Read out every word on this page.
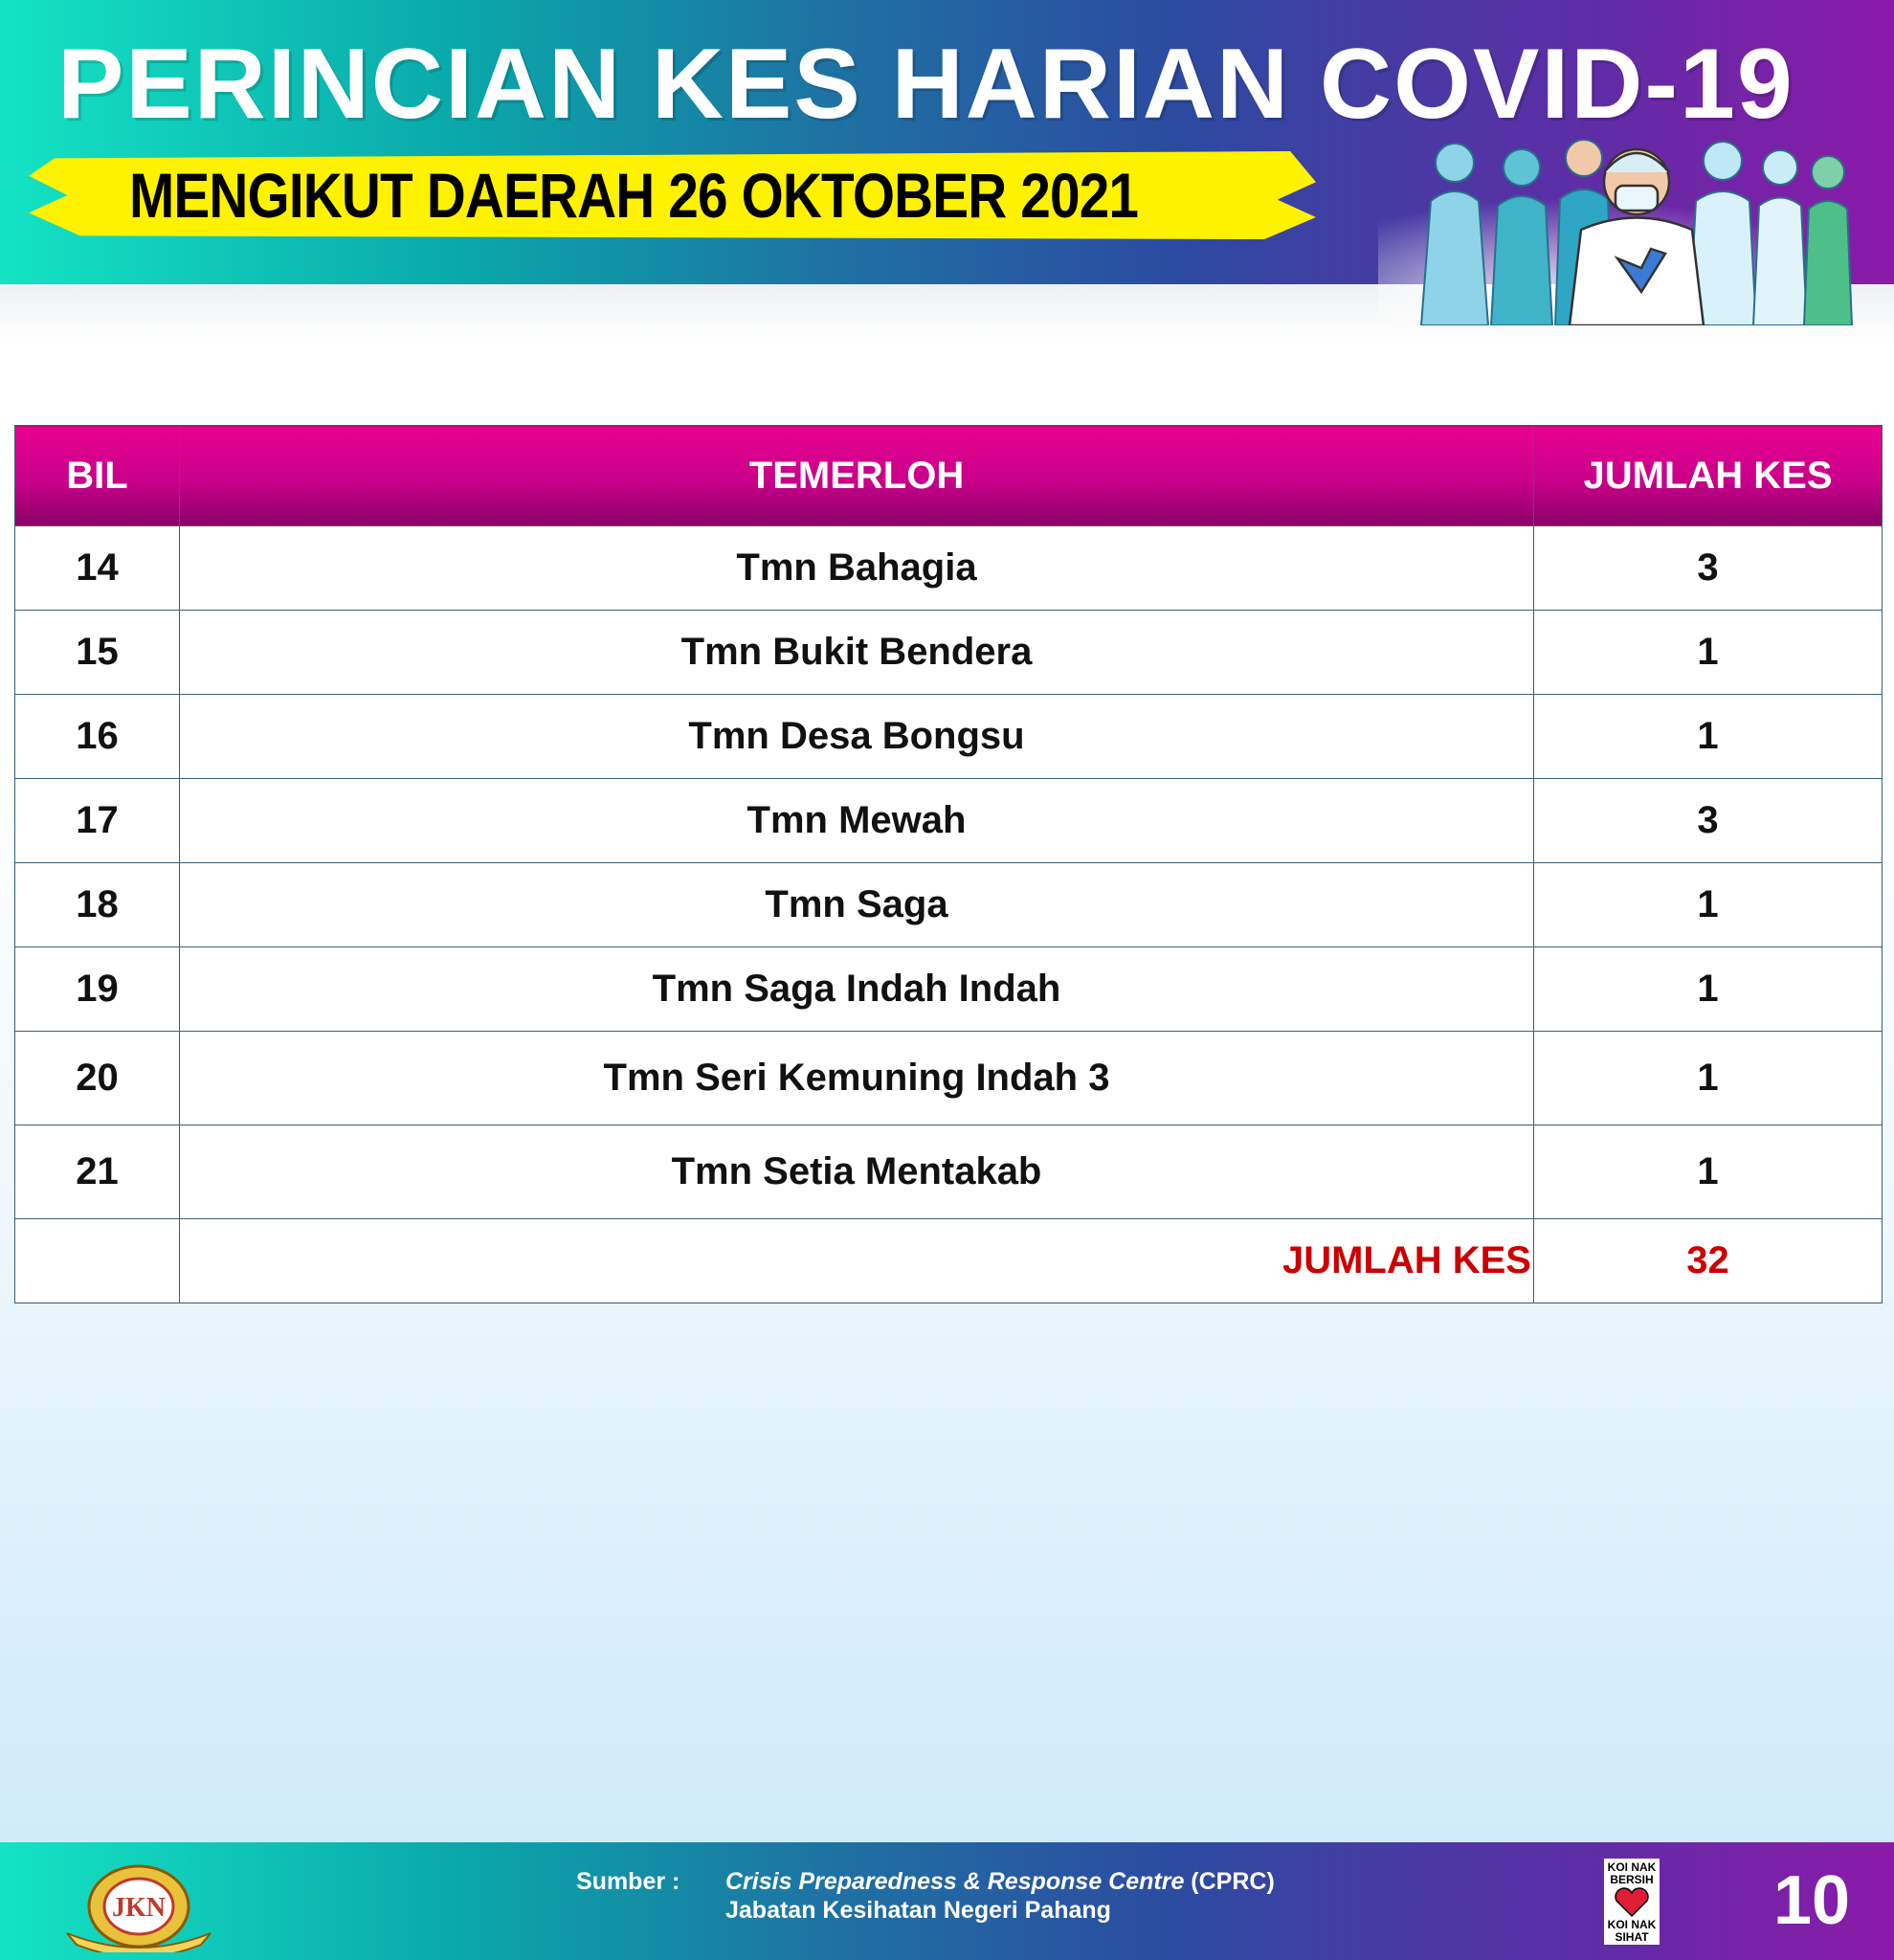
PERINCIAN KES HARIAN COVID-19
MENGIKUT DAERAH 26 OKTOBER 2021
BIL	TEMERLOH	JUMLAH KES
14	Tmn Bahagia	3
15	Tmn Bukit Bendera	1
16	Tmn Desa Bongsu	1
17	Tmn Mewah	3
18	Tmn Saga	1
19	Tmn Saga Indah Indah	1
20	Tmn Seri Kemuning Indah 3	1
21	Tmn Setia Mentakab	1
	JUMLAH KES	32
JKN
Sumber : Crisis Preparedness & Response Centre (CPRC)
Jabatan Kesihatan Negeri Pahang
KOI NAK BERSIH
KOI NAK SIHAT 10
